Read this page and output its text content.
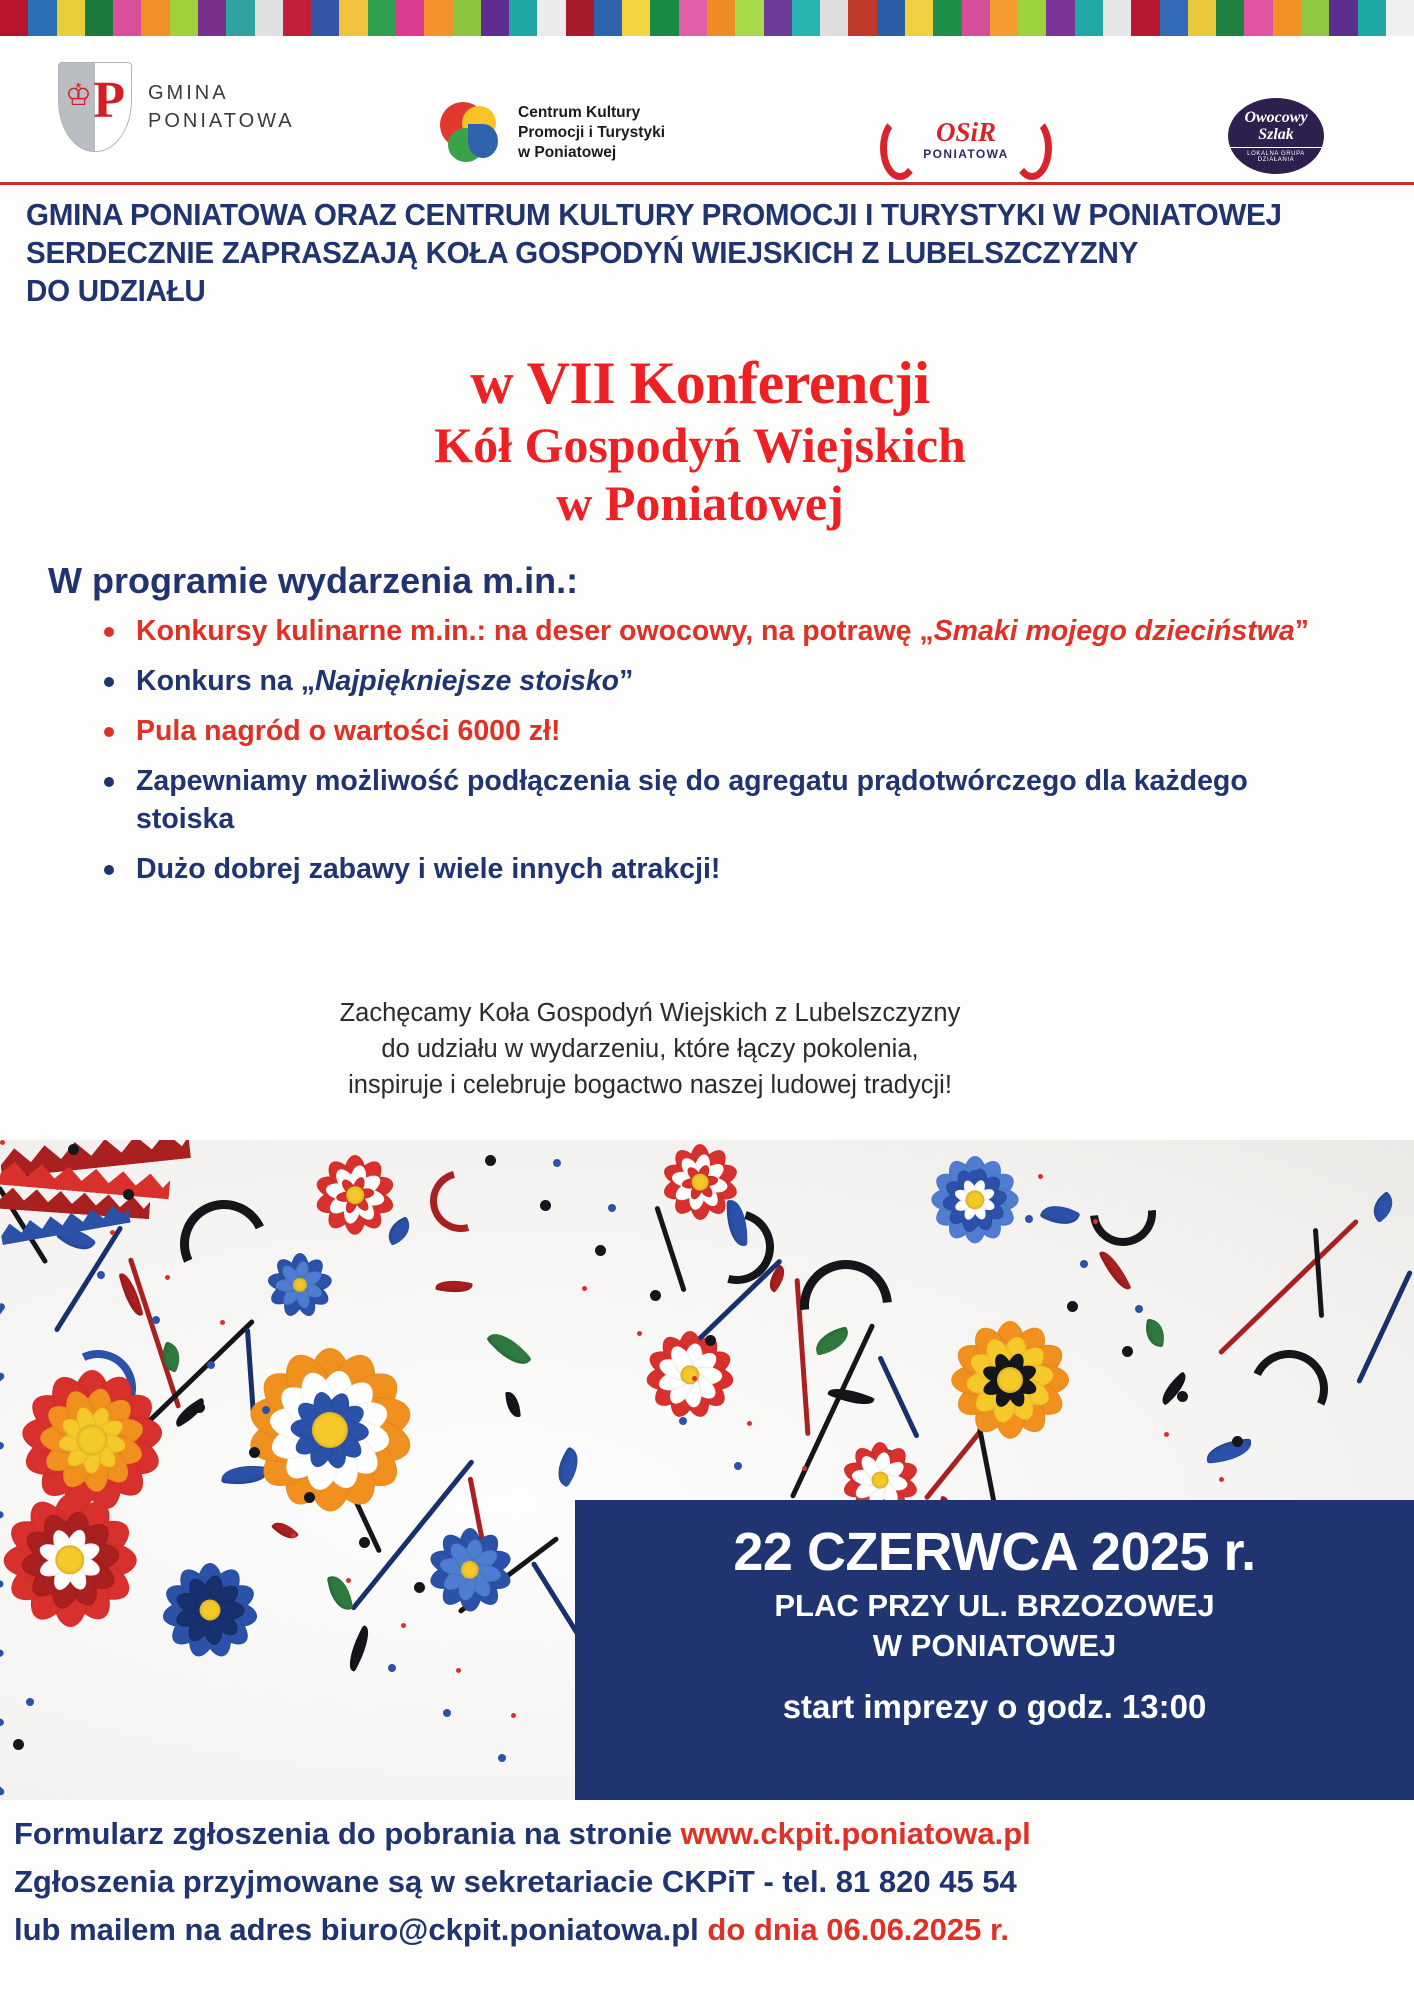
♔ P GMINA
PONIATOWA	Centrum Kultury
Promocji i Turystyki
w Poniatowej
OSiR
PONIATOWA
Owocowy
Szlak
LOKALNA GRUPA DZIAŁANIA
GMINA PONIATOWA ORAZ CENTRUM KULTURY PROMOCJI I TURYSTYKI W PONIATOWEJ
SERDECZNIE ZAPRASZAJĄ KOŁA GOSPODYŃ WIEJSKICH Z LUBELSZCZYZNY
DO UDZIAŁU
w VII Konferencji
Kół Gospodyń Wiejskich
w Poniatowej
W programie wydarzenia m.in.:
Konkursy kulinarne m.in.: na deser owocowy, na potrawę „Smaki mojego dzieciństwa”
Konkurs na „Najpiękniejsze stoisko”
Pula nagród o wartości 6000 zł!
Zapewniamy możliwość podłączenia się do agregatu prądotwórczego dla każdego stoiska
Dużo dobrej zabawy i wiele innych atrakcji!
Zachęcamy Koła Gospodyń Wiejskich z Lubelszczyzny
do udziału w wydarzeniu, które łączy pokolenia,
inspiruje i celebruje bogactwo naszej ludowej tradycji!
22 CZERWCA 2025 r.
PLAC PRZY UL. BRZOZOWEJ
W PONIATOWEJ
start imprezy o godz. 13:00
Formularz zgłoszenia do pobrania na stronie www.ckpit.poniatowa.pl
Zgłoszenia przyjmowane są w sekretariacie CKPiT - tel. 81 820 45 54
lub mailem na adres biuro@ckpit.poniatowa.pl do dnia 06.06.2025 r.
